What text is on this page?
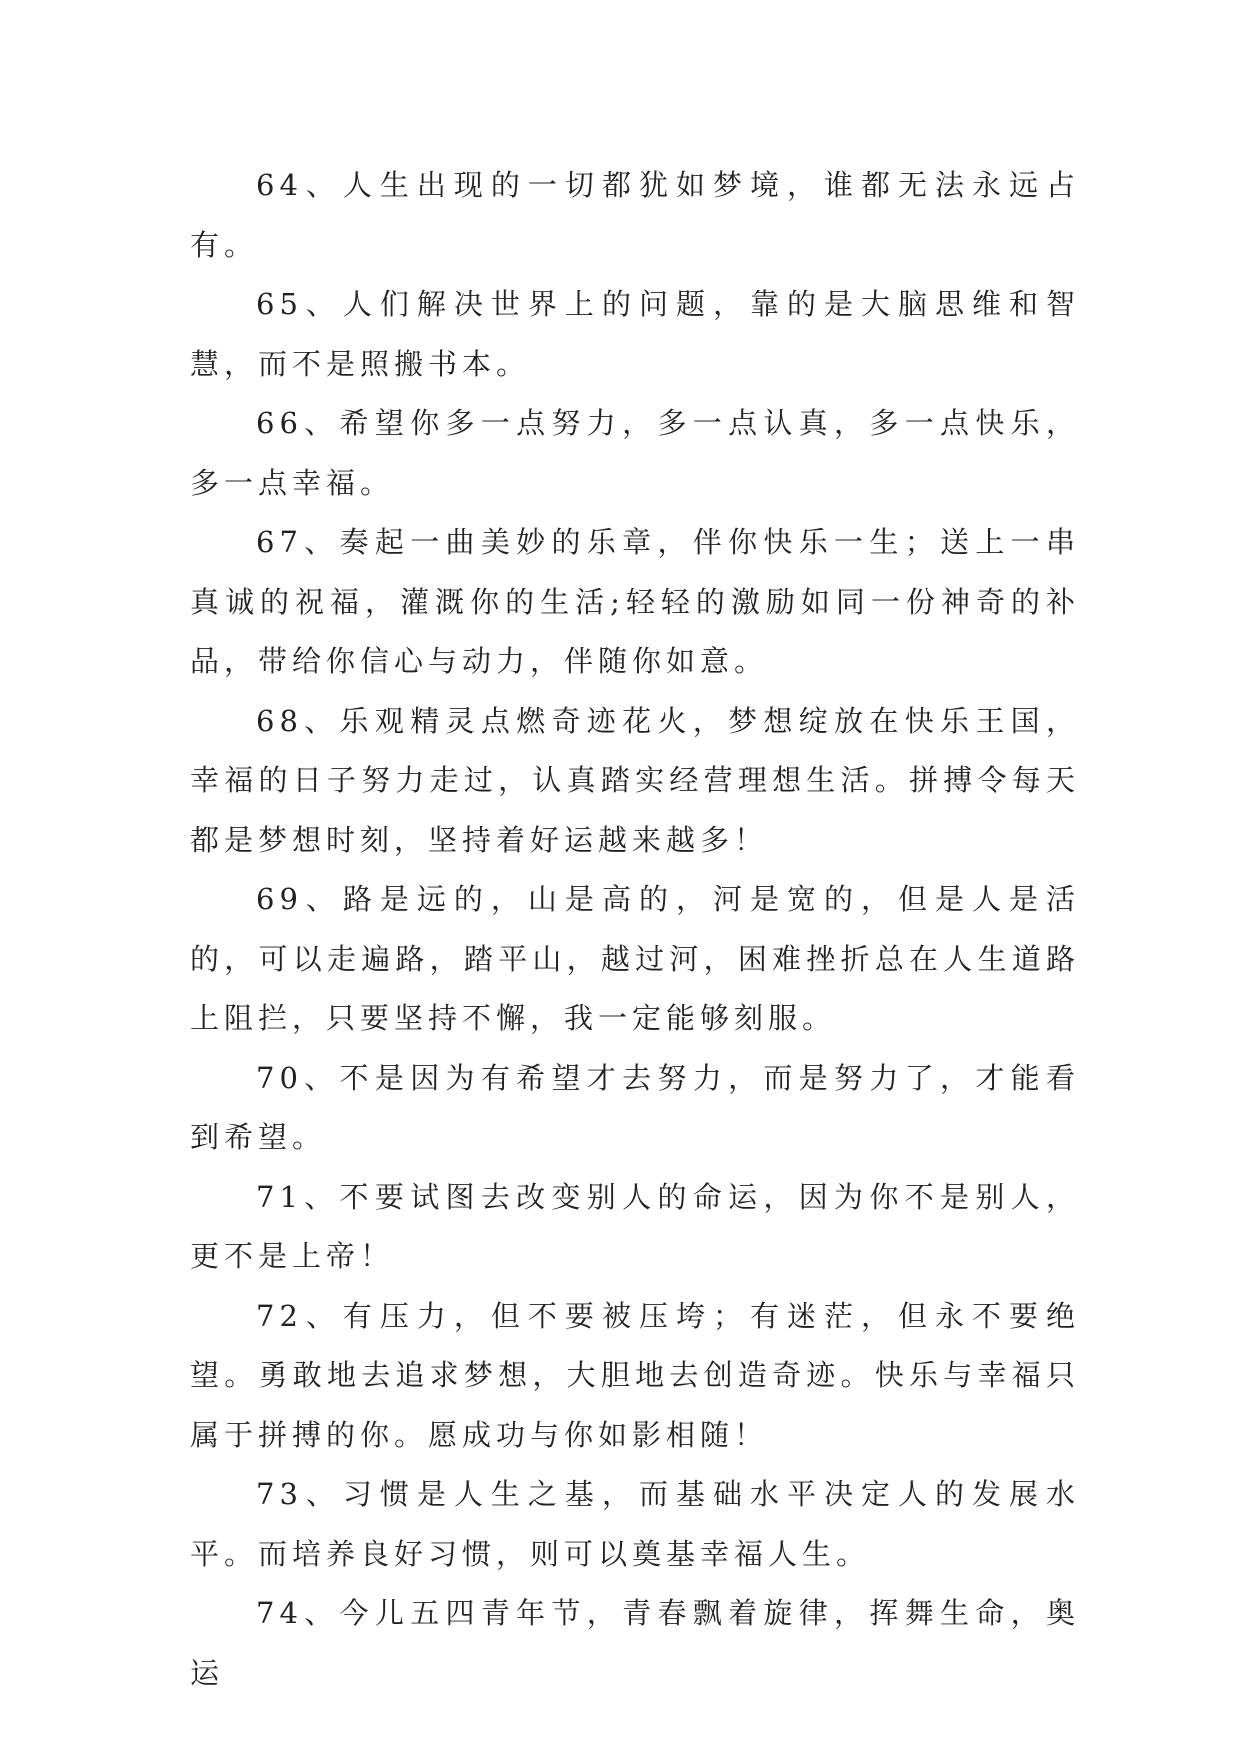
64、人生出现的一切都犹如梦境，谁都无法永远占有。

65、人们解决世界上的问题，靠的是大脑思维和智慧，而不是照搬书本。

66、希望你多一点努力，多一点认真，多一点快乐，多一点幸福。

67、奏起一曲美妙的乐章，伴你快乐一生；送上一串真诚的祝福，灌溉你的生活;轻轻的激励如同一份神奇的补品，带给你信心与动力，伴随你如意。

68、乐观精灵点燃奇迹花火，梦想绽放在快乐王国，幸福的日子努力走过，认真踏实经营理想生活。拼搏令每天都是梦想时刻，坚持着好运越来越多！

69、路是远的，山是高的，河是宽的，但是人是活的，可以走遍路，踏平山，越过河，困难挫折总在人生道路上阻拦，只要坚持不懈，我一定能够刻服。

70、不是因为有希望才去努力，而是努力了，才能看到希望。

71、不要试图去改变别人的命运，因为你不是别人，更不是上帝！

72、有压力，但不要被压垮；有迷茫，但永不要绝望。勇敢地去追求梦想，大胆地去创造奇迹。快乐与幸福只属于拼搏的你。愿成功与你如影相随！

73、习惯是人生之基，而基础水平决定人的发展水平。而培养良好习惯，则可以奠基幸福人生。

74、今儿五四青年节，青春飘着旋律，挥舞生命，奥运
